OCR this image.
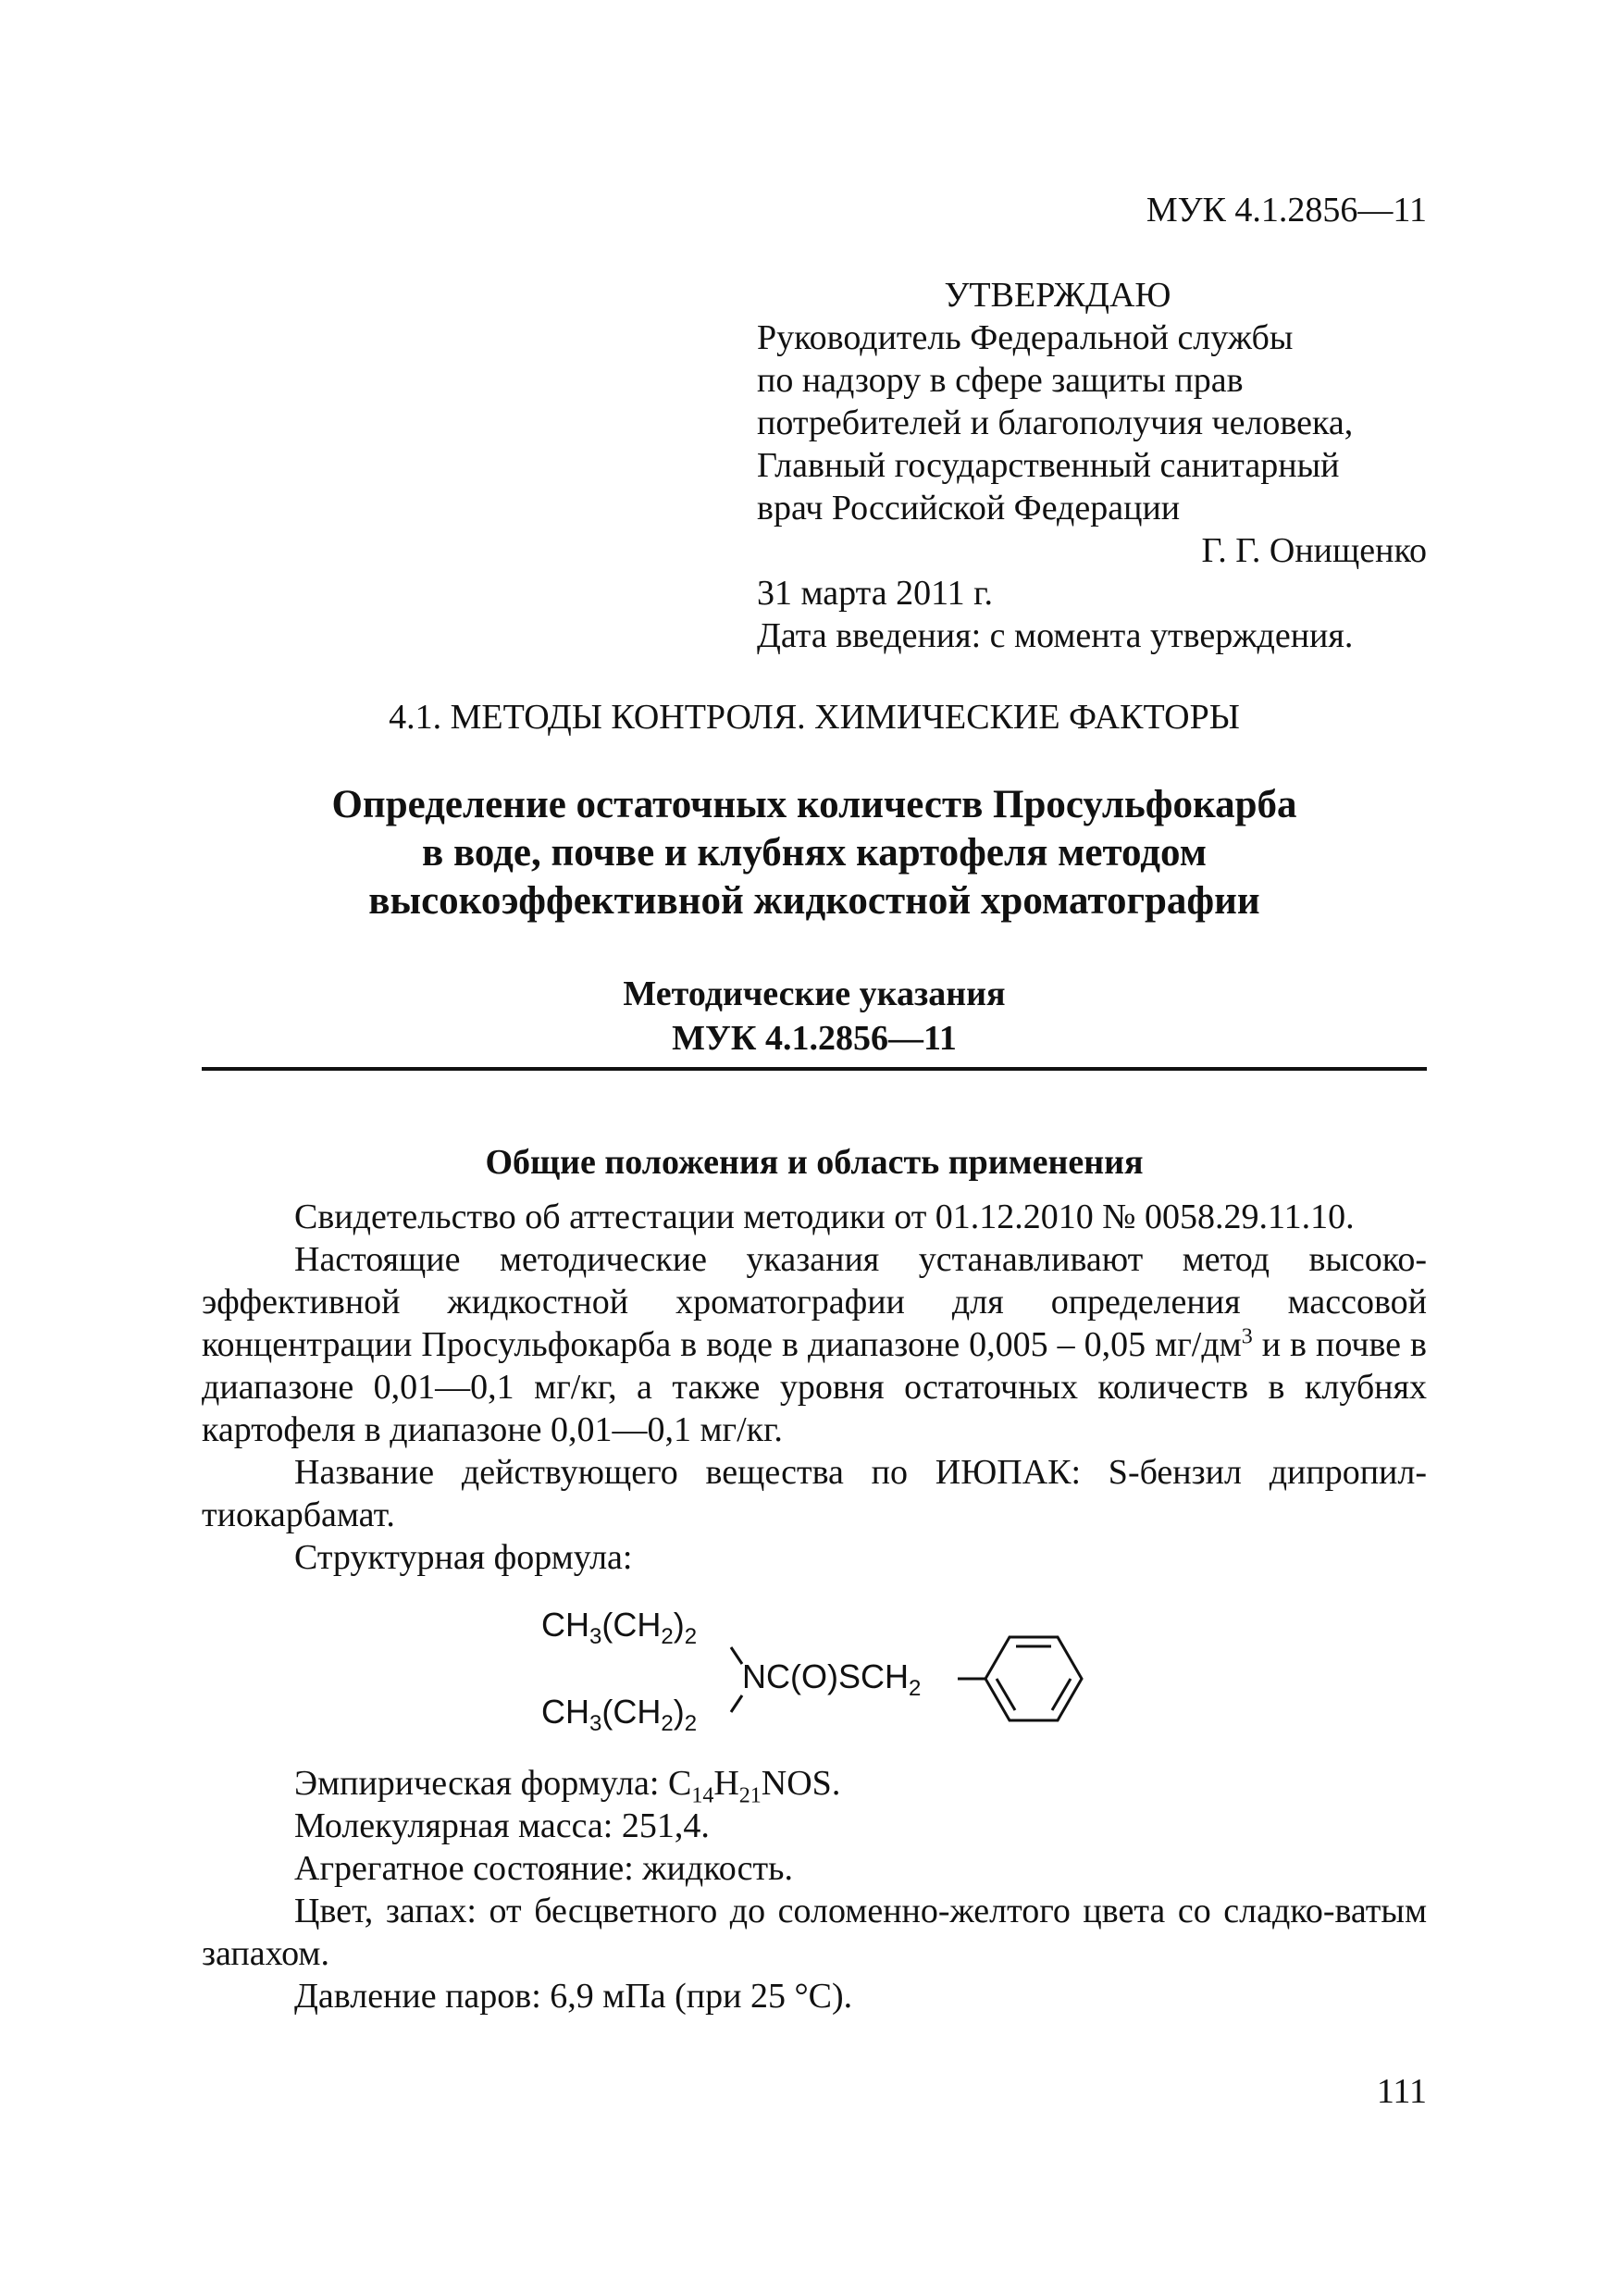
МУК 4.1.2856—11
УТВЕРЖДАЮ
Руководитель Федеральной службы
по надзору в сфере защиты прав
потребителей и благополучия человека,
Главный государственный санитарный
врач Российской Федерации
Г. Г. Онищенко
31 марта 2011 г.
Дата введения: с момента утверждения.
4.1. МЕТОДЫ КОНТРОЛЯ. ХИМИЧЕСКИЕ ФАКТОРЫ
Определение остаточных количеств Просульфокарба
в воде, почве и клубнях картофеля методом
высокоэффективной жидкостной хроматографии
Методические указания
МУК 4.1.2856—11
Общие положения и область применения
Свидетельство об аттестации методики от 01.12.2010 № 0058.29.11.10.
Настоящие методические указания устанавливают метод высоко-эффективной жидкостной хроматографии для определения массовой концентрации Просульфокарба в воде в диапазоне 0,005 – 0,05 $мг/дм^3$ и в почве в диапазоне 0,01—0,1 мг/кг, а также уровня остаточных количеств в клубнях картофеля в диапазоне 0,01—0,1 мг/кг.
Название действующего вещества по ИЮПАК: S-бензил дипропил-тиокарбамат.
Структурная формула:
$CH_3(CH_2)_2$
$CH_3(CH_2)_2$
$NC(O)SCH_2$
Эмпирическая формула: $C_{14}H_{21}NOS$.
Молекулярная масса: 251,4.
Агрегатное состояние: жидкость.
Цвет, запах: от бесцветного до соломенно-желтого цвета со сладко-ватым запахом.
Давление паров: 6,9 мПа (при 25 °С).
111
